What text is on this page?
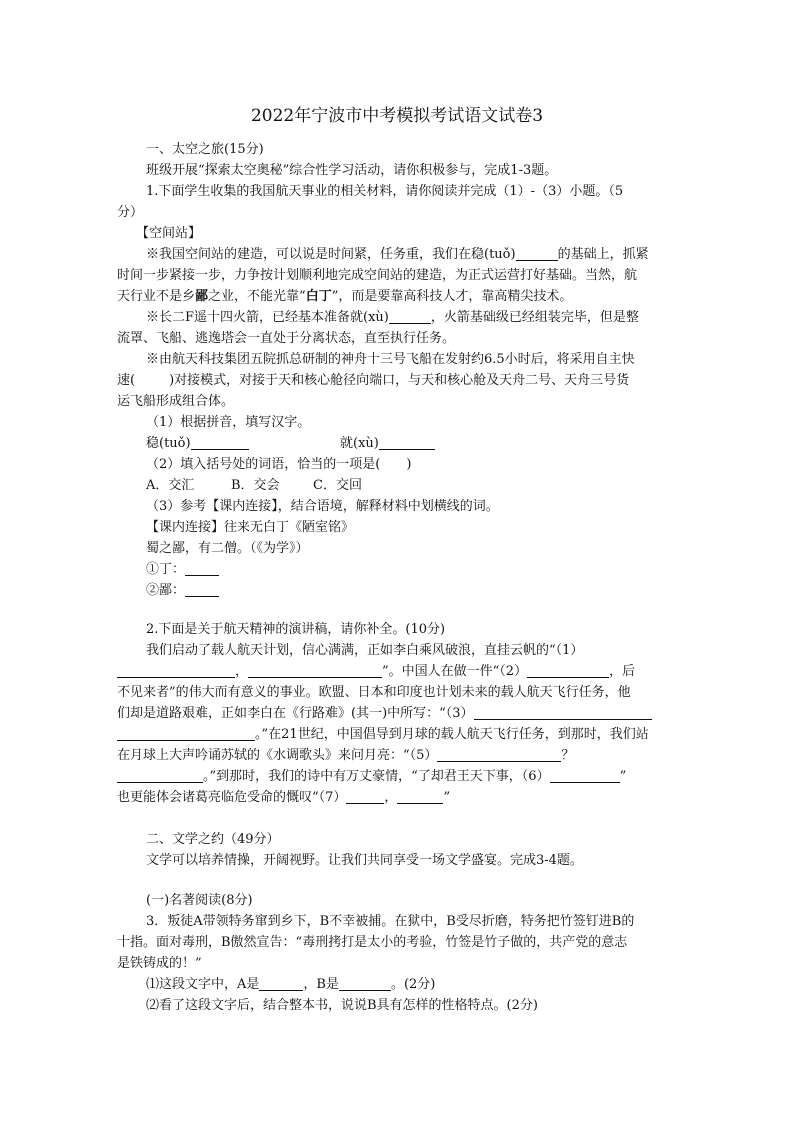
2022年宁波市中考模拟考试语文试卷3
一、太空之旅(15分)
班级开展“探索太空奥秘”综合性学习活动，请你积极参与，完成1-3题。
1.下面学生收集的我国航天事业的相关材料，请你阅读并完成（1）-（3）小题。（5
分）
【空间站】
※我国空间站的建造，可以说是时间紧，任务重，我们在稳(tuǒ)	的基础上，抓紧
时间一步紧接一步，力争按计划顺利地完成空间站的建造，为正式运营打好基础。当然，航
天行业不是乡鄙之业，不能光靠“白丁”，而是要靠高科技人才，靠高精尖技术。
※长二F遥十四火箭，已经基本准备就(xù)	，火箭基础级已经组装完毕，但是整
流罩、飞船、逃逸塔会一直处于分离状态，直至执行任务。
※由航天科技集团五院抓总研制的神舟十三号飞船在发射约6.5小时后，将采用自主快
速(	)对接模式，对接于天和核心舱径向端口，与天和核心舱及天舟二号、天舟三号货
运飞船形成组合体。
（1）根据拼音，填写汉字。
稳(tuǒ)	就(xù)
（2）填入括号处的词语，恰当的一项是(　　)
A．交汇	B．交会	C．交回
（3）参考【课内连接】，结合语境，解释材料中划横线的词。
【课内连接】往来无白丁《陋室铭》
蜀之鄙，有二僧。（《为学》）
①丁：
②鄙：
2.下面是关于航天精神的演讲稿，请你补全。(10分)
我们启动了载人航天计划，信心满满，正如李白乘风破浪，直挂云帆的“（1）
，	”。中国人在做一件“（2）	，后
不见来者”的伟大而有意义的事业。欧盟、日本和印度也计划未来的载人航天飞行任务，他
们却是道路艰难，正如李白在《行路难》(其一)中所写：“（3）
。”在21世纪，中国倡导到月球的载人航天飞行任务，到那时，我们站
在月球上大声吟诵苏轼的《水调歌头》来问月亮：“（5）	？
。”到那时，我们的诗中有万丈豪情，“了却君王天下事，（6）	”
也更能体会诸葛亮临危受命的慨叹“（7）	，	”
二、文学之约（49分）
文学可以培养情操，开阔视野。让我们共同享受一场文学盛宴。完成3-4题。
(一)名著阅读(8分)
3．叛徒A带领特务窜到乡下，B不幸被捕。在狱中，B受尽折磨，特务把竹签钉进B的
十指。面对毒刑，B傲然宣告：“毒刑拷打是太小的考验，竹签是竹子做的，共产党的意志
是铁铸成的！”
⑴这段文字中，A是	，B是	。(2分)
⑵看了这段文字后，结合整本书，说说B具有怎样的性格特点。(2分)
